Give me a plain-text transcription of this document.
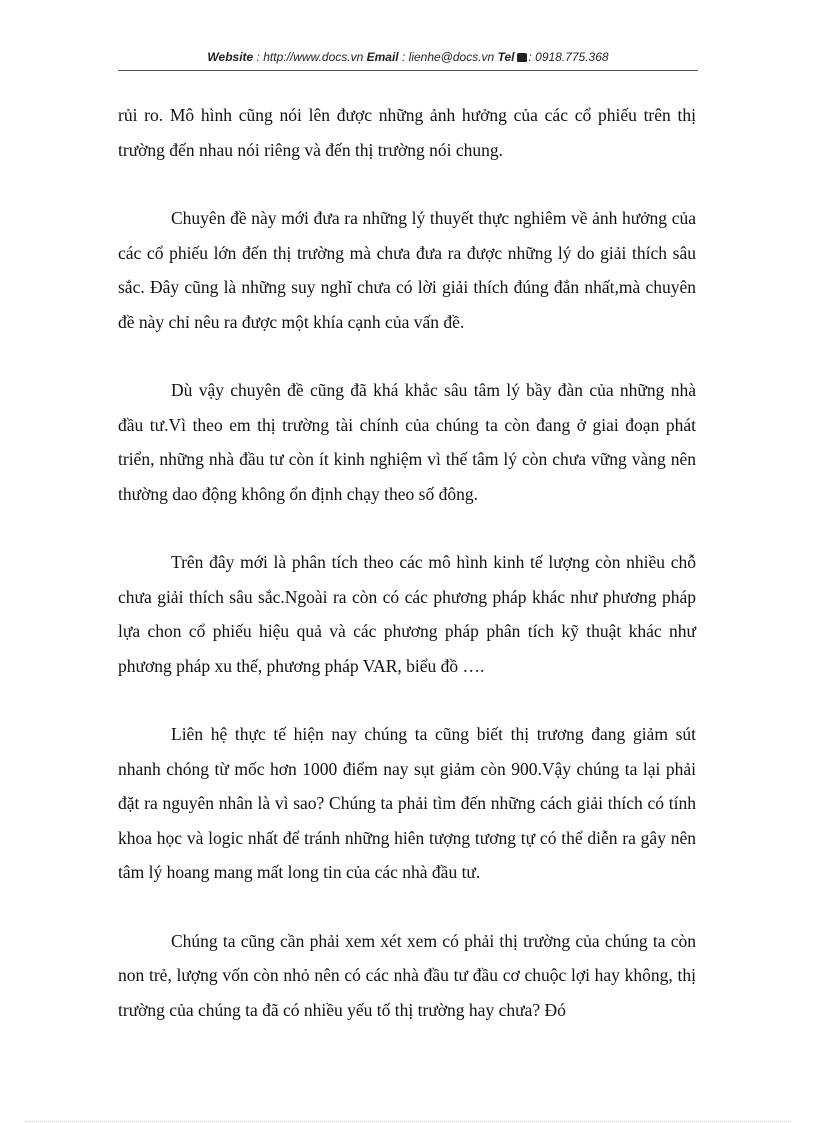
Website : http://www.docs.vn Email : lienhe@docs.vn Tel : 0918.775.368

rủi ro. Mô hình cũng nói lên được những ảnh hưởng của các cổ phiếu trên thị trường đến nhau nói riêng và đến thị trường nói chung.

Chuyên đề này mới đưa ra những lý thuyết thực nghiêm về ảnh hưởng của các cổ phiếu lớn đến thị trường mà chưa đưa ra được những lý do giải thích sâu sắc. Đây cũng là những suy nghĩ chưa có lời giải thích đúng đắn nhất,mà chuyên đề này chỉ nêu ra được một khía cạnh của vấn đề.

Dù vậy chuyên đề cũng đã khá khắc sâu tâm lý bầy đàn của những nhà đầu tư.Vì theo em thị trường tài chính của chúng ta còn đang ở giai đoạn phát triển, những nhà đầu tư còn ít kinh nghiệm vì thế tâm lý còn chưa vững vàng nên thường dao động không ổn định chạy theo số đông.

Trên đây mới là phân tích theo các mô hình kinh tế lượng còn nhiều chỗ chưa giải thích sâu sắc.Ngoài ra còn có các phương pháp khác như phương pháp lựa chon cổ phiếu hiệu quả và các phương pháp phân tích kỹ thuật khác như phương pháp xu thế, phương pháp VAR, biểu đồ ….

Liên hệ thực tế hiện nay chúng ta cũng biết thị trương đang giảm sút nhanh chóng từ mốc hơn 1000 điểm nay sụt giảm còn 900.Vậy chúng ta lại phải đặt ra nguyên nhân là vì sao? Chúng ta phải tìm đến những cách giải thích có tính khoa học và logic nhất để tránh những hiên tượng tương tự có thể diễn ra gây nên tâm lý hoang mang mất long tin của các nhà đầu tư.

Chúng ta cũng cần phải xem xét xem có phải thị trường của chúng ta còn non trẻ, lượng vốn còn nhỏ nên có các nhà đầu tư đầu cơ chuộc lợi hay không, thị trường của chúng ta đã có nhiều yếu tố thị trường hay chưa? Đó
